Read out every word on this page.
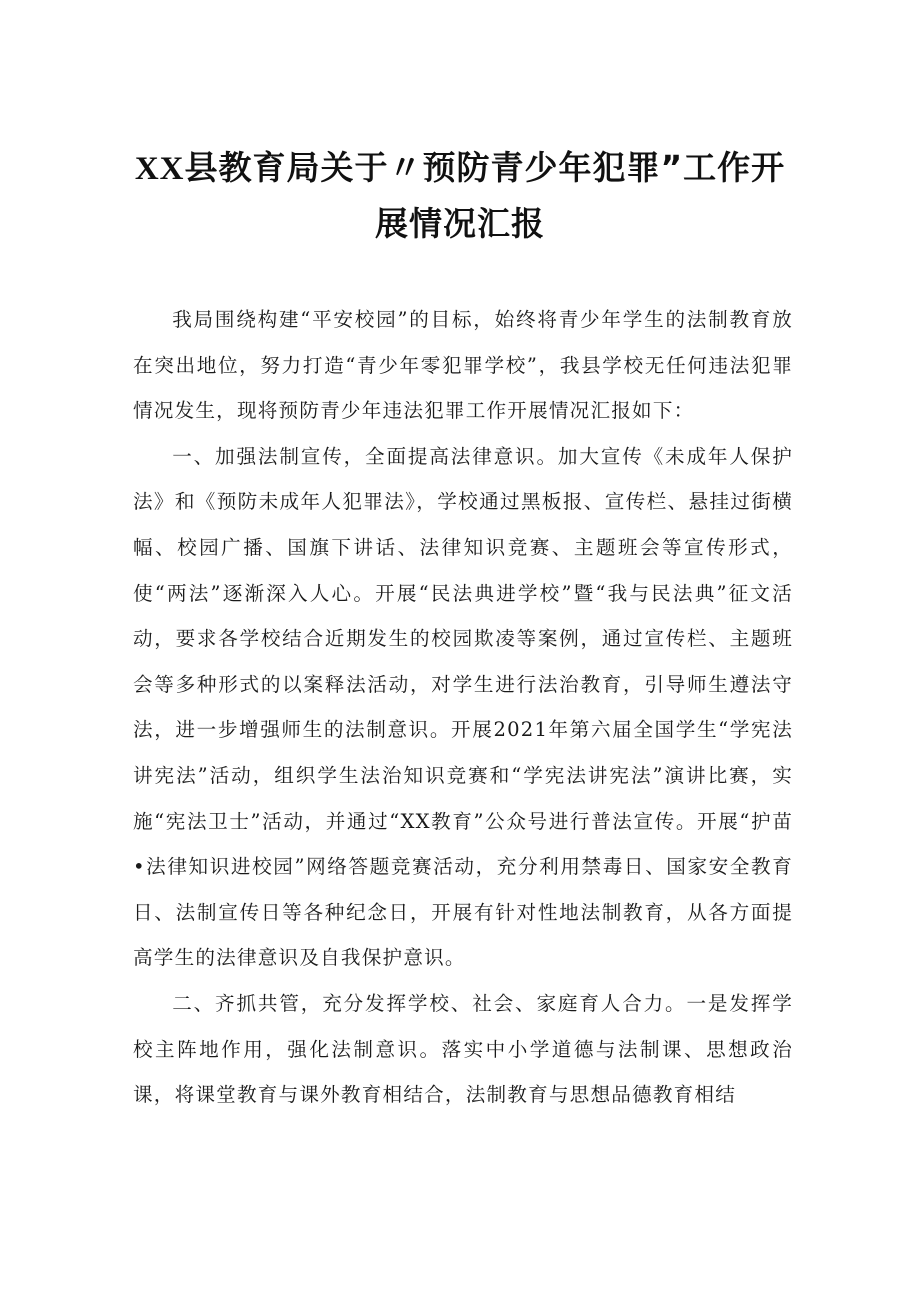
XX县教育局关于〃预防青少年犯罪”工作开
展情况汇报

我局围绕构建“平安校园”的目标，始终将青少年学生的法制教育放在突出地位，努力打造“青少年零犯罪学校”，我县学校无任何违法犯罪情况发生，现将预防青少年违法犯罪工作开展情况汇报如下：

一、加强法制宣传，全面提高法律意识。加大宣传《未成年人保护法》和《预防未成年人犯罪法》，学校通过黑板报、宣传栏、悬挂过街横幅、校园广播、国旗下讲话、法律知识竞赛、主题班会等宣传形式，使“两法”逐渐深入人心。开展“民法典进学校”暨“我与民法典”征文活动，要求各学校结合近期发生的校园欺凌等案例，通过宣传栏、主题班会等多种形式的以案释法活动，对学生进行法治教育，引导师生遵法守法，进一步增强师生的法制意识。开展2021年第六届全国学生“学宪法讲宪法”活动，组织学生法治知识竞赛和“学宪法讲宪法”演讲比赛，实施“宪法卫士”活动，并通过“XX教育”公众号进行普法宣传。开展“护苗•法律知识进校园”网络答题竞赛活动，充分利用禁毒日、国家安全教育日、法制宣传日等各种纪念日，开展有针对性地法制教育，从各方面提高学生的法律意识及自我保护意识。

二、齐抓共管，充分发挥学校、社会、家庭育人合力。一是发挥学校主阵地作用，强化法制意识。落实中小学道德与法制课、思想政治课，将课堂教育与课外教育相结合，法制教育与思想品德教育相结
